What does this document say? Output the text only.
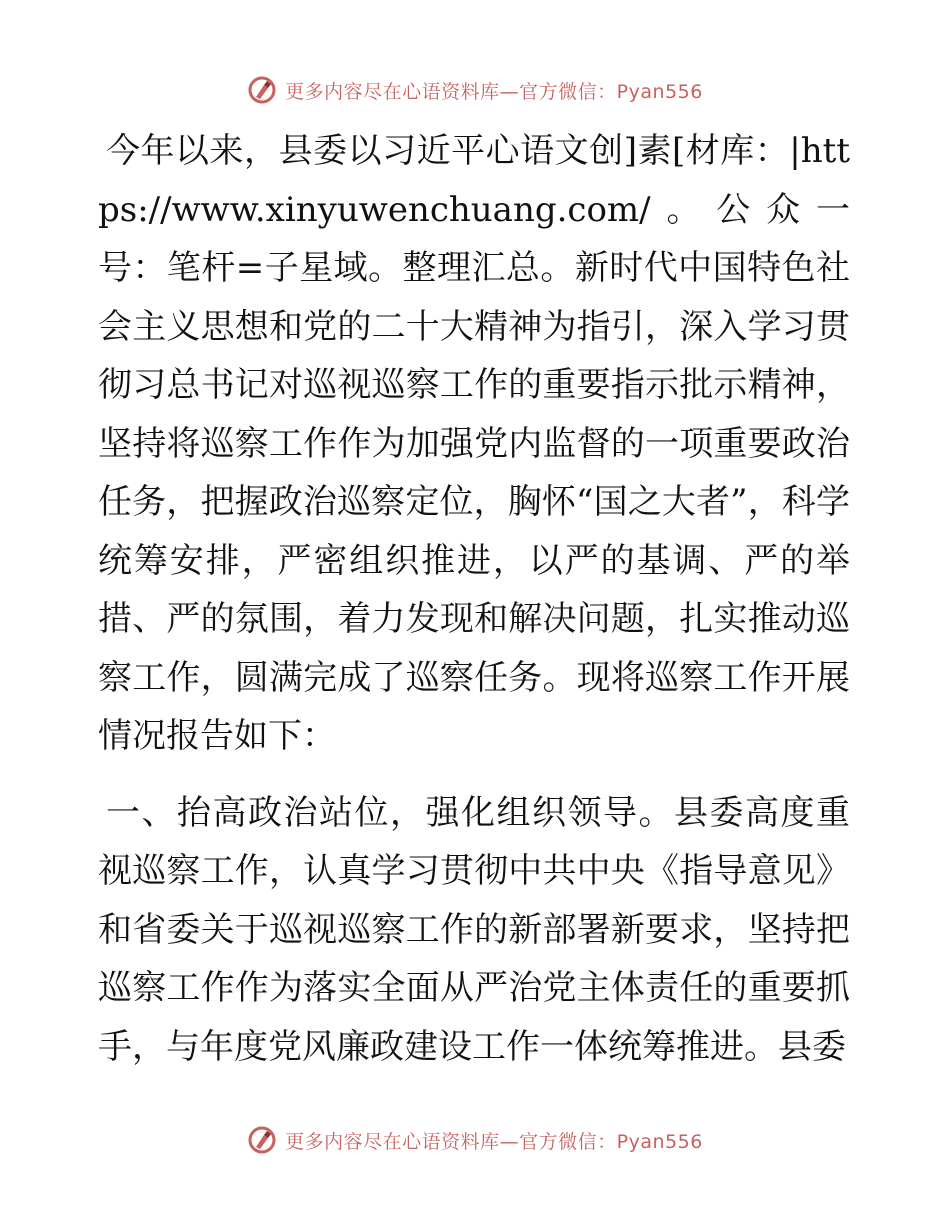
更多内容尽在心语资料库—官方微信：Pyan556

今年以来，县委以习近平心语文创]素[材库：|https://www.xinyuwenchuang.com/。公众一号：笔杆=子星域。整理汇总。新时代中国特色社会主义思想和党的二十大精神为指引，深入学习贯彻习总书记对巡视巡察工作的重要指示批示精神，坚持将巡察工作作为加强党内监督的一项重要政治任务，把握政治巡察定位，胸怀“国之大者”，科学统筹安排，严密组织推进，以严的基调、严的举措、严的氛围，着力发现和解决问题，扎实推动巡察工作，圆满完成了巡察任务。现将巡察工作开展情况报告如下：

一、抬高政治站位，强化组织领导。县委高度重视巡察工作，认真学习贯彻中共中央《指导意见》和省委关于巡视巡察工作的新部署新要求，坚持把巡察工作作为落实全面从严治党主体责任的重要抓手，与年度党风廉政建设工作一体统筹推进。县委

更多内容尽在心语资料库—官方微信：Pyan556
